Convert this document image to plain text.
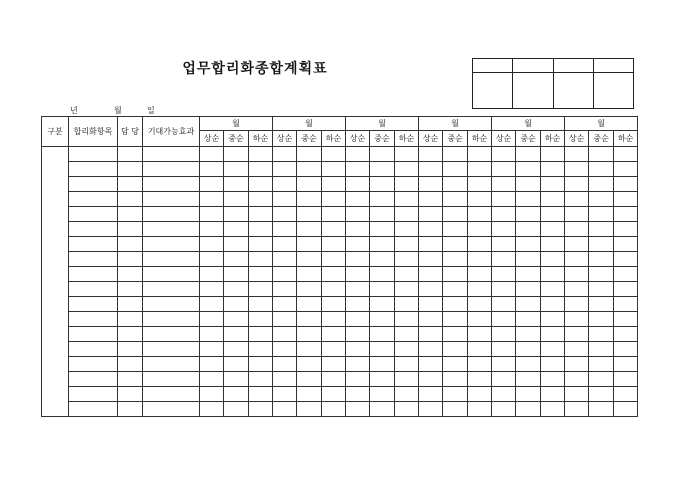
업무합리화종합계획표

년	월	일
구분	합리화항목	담 당	기대가능효과	월			월			월			월			월			월		
				상순	중순	하순	상순	중순	하순	상순	중순	하순	상순	중순	하순	상순	중순	하순	상순	중순	하순
